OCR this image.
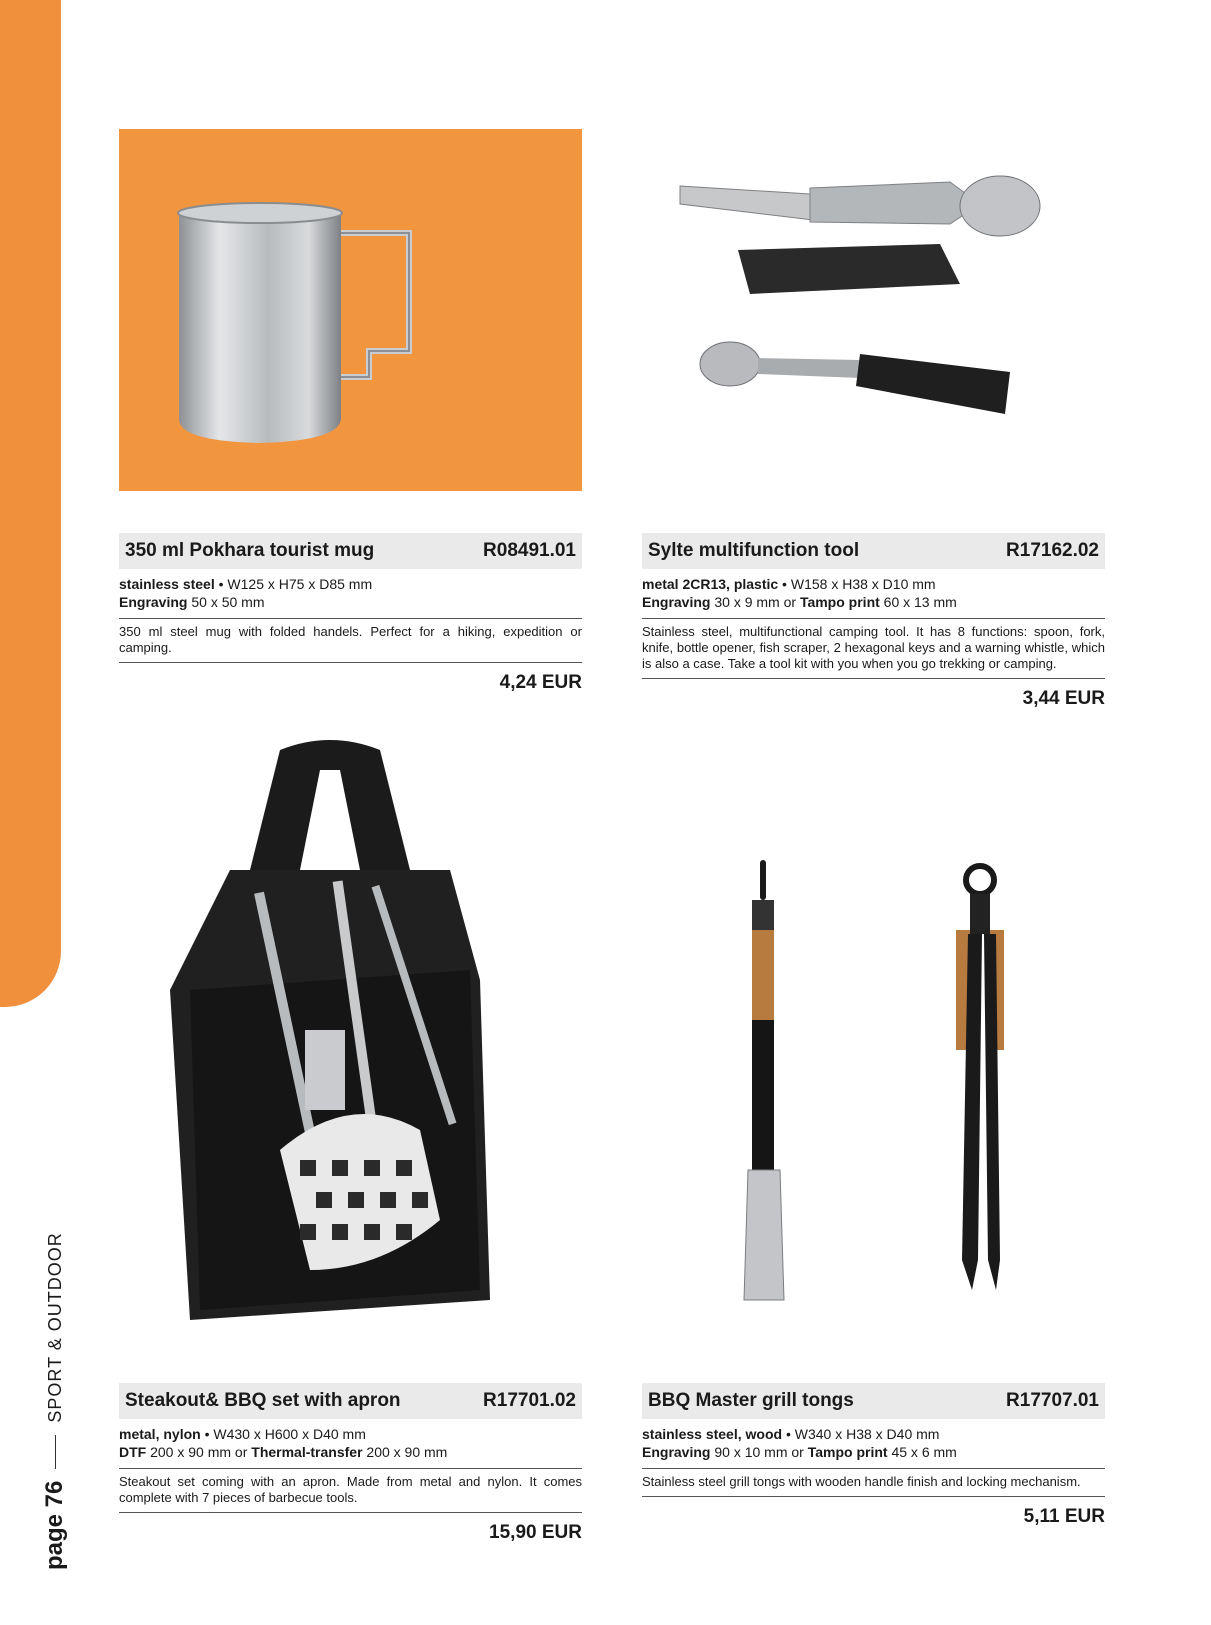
page 76
SPORT & OUTDOOR
350 ml Pokhara tourist mug	R08491.01
stainless steel • W125 x H75 x D85 mm
Engraving 50 x 50 mm
350 ml steel mug with folded handels. Perfect for a hiking, expedition or camping.
4,24 EUR
Sylte multifunction tool	R17162.02
metal 2CR13, plastic • W158 x H38 x D10 mm
Engraving 30 x 9 mm or Tampo print 60 x 13 mm
Stainless steel, multifunctional camping tool. It has 8 functions: spoon, fork, knife, bottle opener, fish scraper, 2 hexagonal keys and a warning whistle, which is also a case. Take a tool kit with you when you go trekking or camping.
3,44 EUR
Steakout& BBQ set with apron	R17701.02
metal, nylon • W430 x H600 x D40 mm
DTF 200 x 90 mm or Thermal-transfer 200 x 90 mm
Steakout set coming with an apron. Made from metal and nylon. It comes complete with 7 pieces of barbecue tools.
15,90 EUR
BBQ Master grill tongs	R17707.01
stainless steel, wood • W340 x H38 x D40 mm
Engraving 90 x 10 mm or Tampo print 45 x 6 mm
Stainless steel grill tongs with wooden handle finish and locking mechanism.
5,11 EUR
